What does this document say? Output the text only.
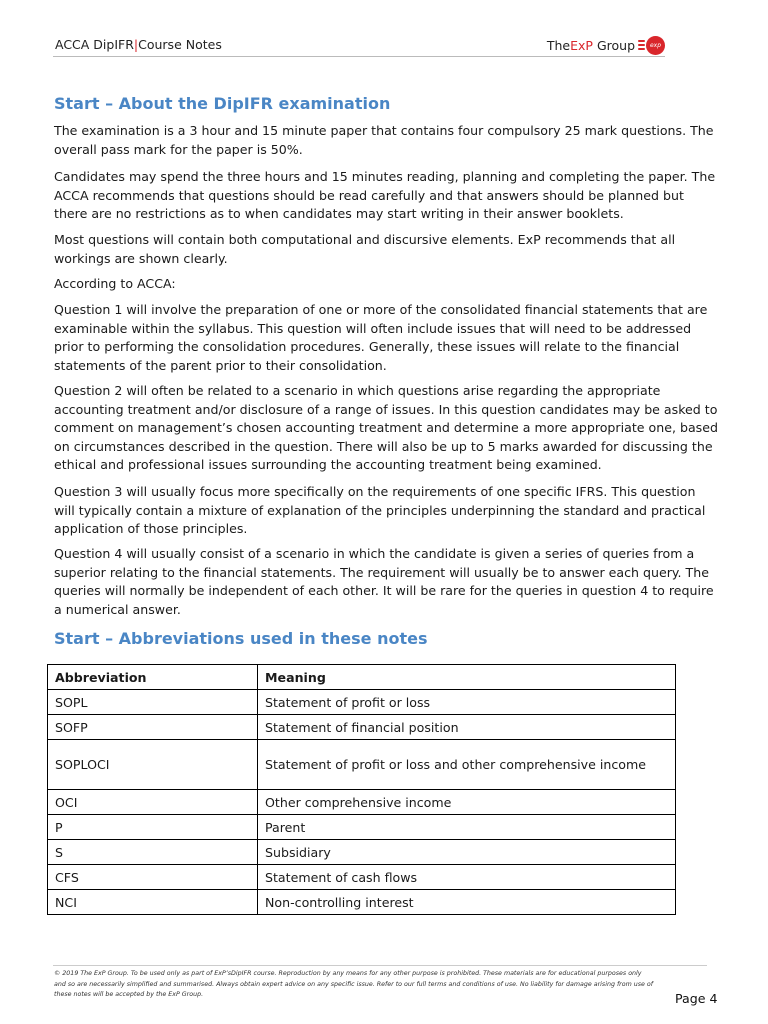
ACCA DipIFR|Course Notes	TheExP Group	exp
Start – About the DipIFR examination

The examination is a 3 hour and 15 minute paper that contains four compulsory 25 mark questions. The overall pass mark for the paper is 50%.

Candidates may spend the three hours and 15 minutes reading, planning and completing the paper. The ACCA recommends that questions should be read carefully and that answers should be planned but there are no restrictions as to when candidates may start writing in their answer booklets.

Most questions will contain both computational and discursive elements. ExP recommends that all workings are shown clearly.

According to ACCA:

Question 1 will involve the preparation of one or more of the consolidated financial statements that are examinable within the syllabus. This question will often include issues that will need to be addressed prior to performing the consolidation procedures. Generally, these issues will relate to the financial statements of the parent prior to their consolidation.

Question 2 will often be related to a scenario in which questions arise regarding the appropriate accounting treatment and/or disclosure of a range of issues. In this question candidates may be asked to comment on management’s chosen accounting treatment and determine a more appropriate one, based on circumstances described in the question. There will also be up to 5 marks awarded for discussing the ethical and professional issues surrounding the accounting treatment being examined.

Question 3 will usually focus more specifically on the requirements of one specific IFRS. This question will typically contain a mixture of explanation of the principles underpinning the standard and practical application of those principles.

Question 4 will usually consist of a scenario in which the candidate is given a series of queries from a superior relating to the financial statements. The requirement will usually be to answer each query. The queries will normally be independent of each other. It will be rare for the queries in question 4 to require a numerical answer.

Start – Abbreviations used in these notes
Abbreviation	Meaning
SOPL	Statement of profit or loss
SOFP	Statement of financial position
SOPLOCI	Statement of profit or loss and other comprehensive income
OCI	Other comprehensive income
P	Parent
S	Subsidiary
CFS	Statement of cash flows
NCI	Non-controlling interest

© 2019 The ExP Group. To be used only as part of ExP’sDipIFR course. Reproduction by any means for any other purpose is prohibited. These materials are for educational purposes only and so are necessarily simplified and summarised. Always obtain expert advice on any specific issue. Refer to our full terms and conditions of use. No liability for damage arising from use of these notes will be accepted by the ExP Group.	Page 4
